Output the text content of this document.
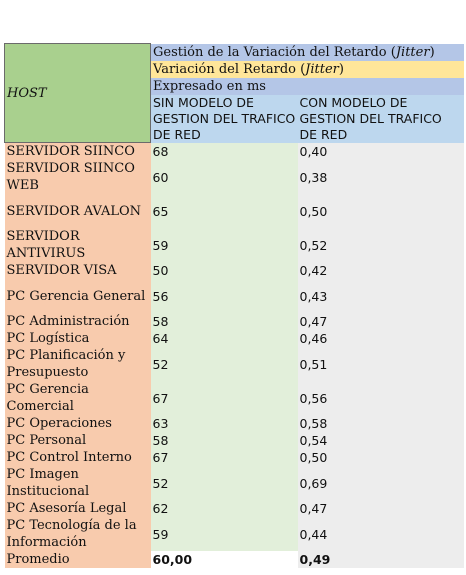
HOST	Gestión de la Variación del Retardo (Jitter)	
	Variación del Retardo (Jitter)	
	Expresado en ms	
	SIN MODELO DE GESTION DEL TRAFICO DE RED	CON MODELO DE GESTION DEL TRAFICO DE RED
SERVIDOR SIINCO	68	0,40
SERVIDOR SIINCO WEB	60	0,38
SERVIDOR AVALON	65	0,50
SERVIDOR ANTIVIRUS	59	0,52
SERVIDOR VISA	50	0,42
PC Gerencia General	56	0,43
PC Administración	58	0,47
PC Logística	64	0,46
PC Planificación y Presupuesto	52	0,51
PC Gerencia Comercial	67	0,56
PC Operaciones	63	0,58
PC Personal	58	0,54
PC Control Interno	67	0,50
PC Imagen Institucional	52	0,69
PC Asesoría Legal	62	0,47
PC Tecnología de la Información	59	0,44
Promedio	60,00	0,49
